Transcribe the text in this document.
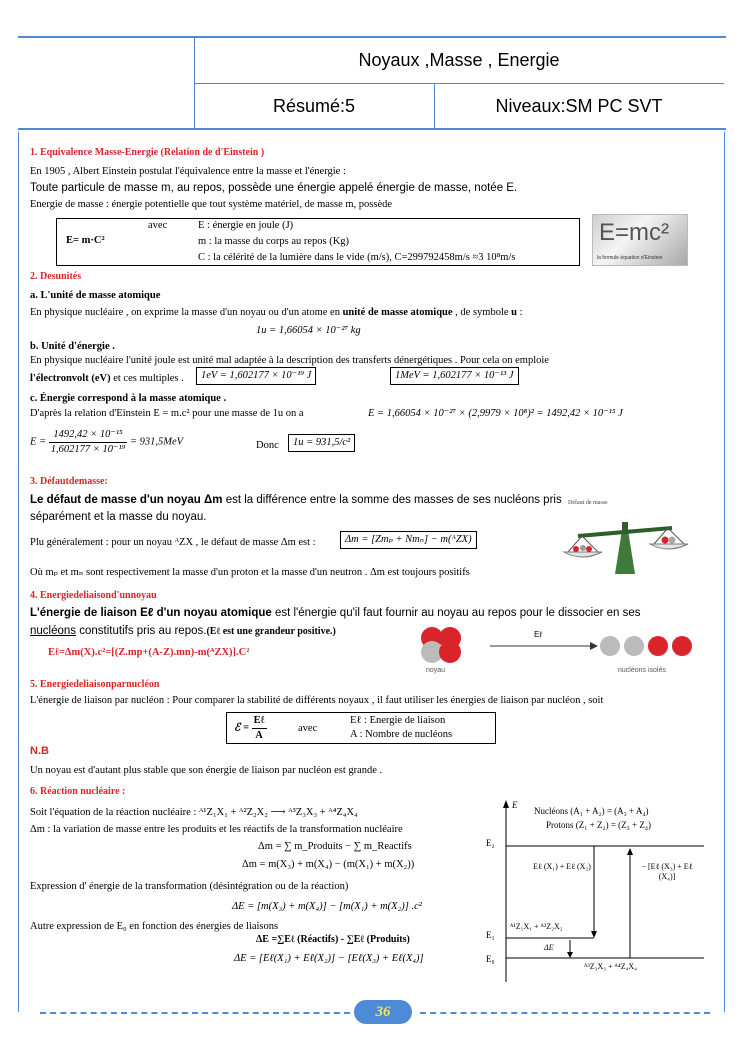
Noyaux ,Masse , Energie
Résumé:5	Niveaux:SM PC SVT
1. Equivalence Masse-Energie (Relation de d'Einstein )
En 1905 , Albert Einstein postulat l'équivalence entre la masse et l'énergie :
Toute particule de masse m, au repos, possède une énergie appelé énergie de masse, notée E.
Energie de masse : énergie potentielle que tout système matériel, de masse m, possède
E= m·C²
avec	E : énergie en joule (J)
m : la masse du corps au repos (Kg)
C : la célérité de la lumière dans le vide (m/s), C=299792458m/s ≈3 10⁸m/s
E=mc²
la formule équation d'Einstein
2. Desunités
a. L'unité de masse atomique
En physique nucléaire , on exprime la masse d'un noyau ou d'un atome en unité de masse atomique , de symbole u :
1u = 1,66054 × 10⁻²⁷ kg
b. Unité d'énergie .
En physique nucléaire l'unité joule est unité mal adaptée à la description des transferts dénergétiques . Pour cela on emploie
l'électronvolt (eV) et ces multiples .	1eV = 1,602177 × 10⁻¹⁹ J	1MeV = 1,602177 × 10⁻¹³ J
c. Énergie correspond à la masse atomique .
D'après la relation d'Einstein E = m.c² pour une masse de 1u on a	E = 1,66054 × 10⁻²⁷ × (2,9979 × 10⁸)² = 1492,42 × 10⁻¹⁵ J
$E = \frac{\text{1492,42 × 10⁻¹⁵}}{\text{1,602177 × 10⁻¹⁹}} = 931,5MeV$	Donc	1u = 931,5/c²
3. Défautdemasse:
Le défaut de masse d'un noyau Δm est la différence entre la somme des masses de ses nucléons pris
séparément et la masse du noyau.
Plu généralement : pour un noyau ᴬZX , le défaut de masse Δm est :	Δm = [Zmₚ + Nmₙ] − m(ᴬZX)
Où mₚ et mₙ sont respectivement la masse d'un proton et la masse d'un neutron . Δm est toujours positifs
Défaut de masse
4. Energiedeliaisond'unnoyau
L'énergie de liaison Eℓ d'un noyau atomique est l'énergie qu'il faut fournir au noyau au repos pour le dissocier en ses
nucléons constitutifs pris au repos.(Eℓ est une grandeur positive.)
Eℓ=Δm(X).c²=[(Z.mp+(A-Z).mn)-m(ᴬZX)].C²
Eℓ
noyau	nucléons isolés
5. Energiedeliaisonparnucléon
L'énergie de liaison par nucléon : Pour comparer la stabilité de différents noyaux , il faut utiliser les énergies de liaison par nucléon , soit
ℰ = $\frac{\text{Eℓ}}{A}$	avec
Eℓ : Energie de liaison
A : Nombre de nucléons
N.B
Un noyau est d'autant plus stable que son énergie de liaison par nucléon est grande .
6. Réaction nucléaire :
Soit l'équation de la réaction nucléaire : ᴬ¹Z₁X₁ + ᴬ²Z₂X₂ ⟶ ᴬ³Z₃X₃ + ᴬ⁴Z₄X₄
Δm : la variation de masse entre les produits et les réactifs de la transformation nucléaire
Δm = ∑ m_Produits − ∑ m_Reactifs
Δm = m(X₃) + m(X₄) − (m(X₁) + m(X₂))
Expression d' énergie de la transformation (désintégration ou de la réaction)
ΔE = [m(X₃) + m(X₄)] − [m(X₁) + m(X₂)] .c²
Autre expression de E₀ en fonction des énergies de liaisons
ΔE =∑Eℓ (Réactifs) - ∑Eℓ (Produits)
ΔE = [Eℓ(X₁) + Eℓ(X₂)] − [Eℓ(X₃) + Eℓ(X₄)]
E
Nucléons (A₁ + A₂) = (A₃ + A₄)
Protons (Z₁ + Z₂) = (Z₃ + Z₄)
E₂
E₁
E₀
Eℓ (X₁) + Eℓ (X₂)	− [Eℓ (X₃) + Eℓ (X₄)]
ᴬ¹Z₁X₁ + ᴬ²Z₂X₂
ΔE
ᴬ³Z₃X₃ + ᴬ⁴Z₄X₄
36
